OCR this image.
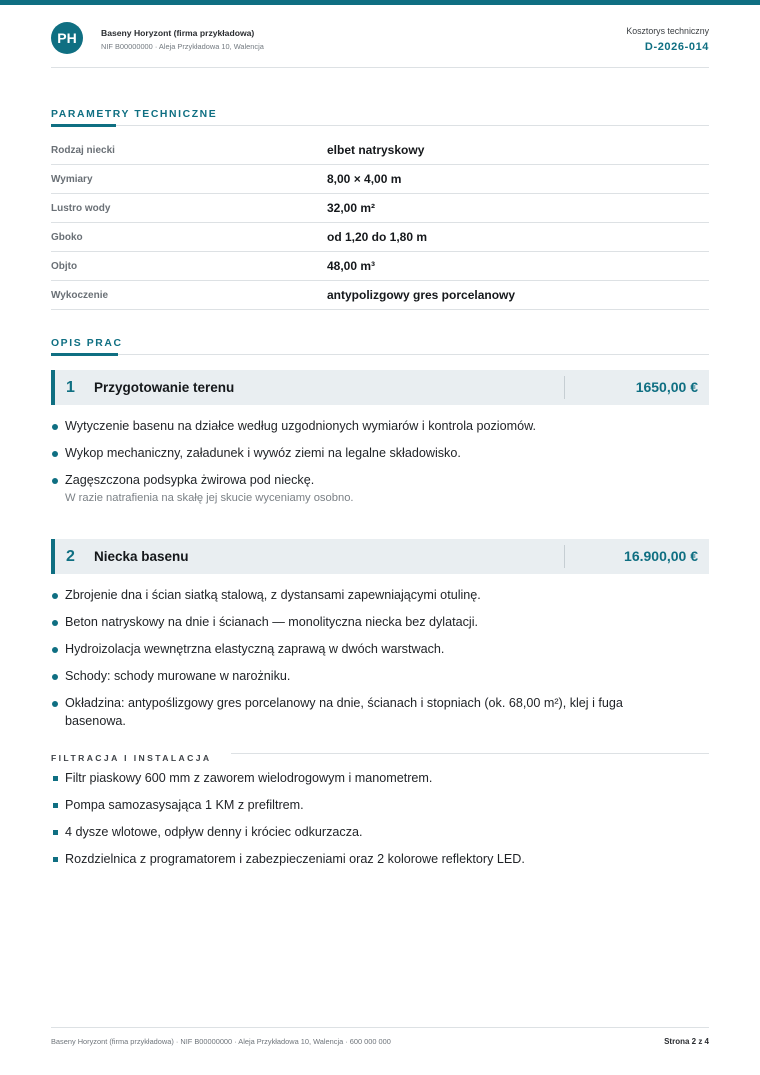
PH	Baseny Horyzont (firma przykładowa)
NIF B00000000 · Aleja Przykładowa 10, Walencja
Kosztorys techniczny
D-2026-014
PARAMETRY TECHNICZNE
Rodzaj niecki	elbet natryskowy
Wymiary	8,00 × 4,00 m
Lustro wody	32,00 m²
Gboko	od 1,20 do 1,80 m
Objto	48,00 m³
Wykoczenie	antypolizgowy gres porcelanowy
OPIS PRAC
1 Przygotowanie terenu	1650,00 €
Wytyczenie basenu na działce według uzgodnionych wymiarów i kontrola poziomów.
Wykop mechaniczny, załadunek i wywóz ziemi na legalne składowisko.
Zagęszczona podsypka żwirowa pod nieckę.
W razie natrafienia na skałę jej skucie wyceniamy osobno.
2 Niecka basenu	16.900,00 €
Zbrojenie dna i ścian siatką stalową, z dystansami zapewniającymi otulinę.
Beton natryskowy na dnie i ścianach — monolityczna niecka bez dylatacji.
Hydroizolacja wewnętrzna elastyczną zaprawą w dwóch warstwach.
Schody: schody murowane w narożniku.
Okładzina: antypoślizgowy gres porcelanowy na dnie, ścianach i stopniach (ok. 68,00 m²), klej i fuga basenowa.
FILTRACJA I INSTALACJA
Filtr piaskowy 600 mm z zaworem wielodrogowym i manometrem.
Pompa samozasysająca 1 KM z prefiltrem.
4 dysze wlotowe, odpływ denny i króciec odkurzacza.
Rozdzielnica z programatorem i zabezpieczeniami oraz 2 kolorowe reflektory LED.
Baseny Horyzont (firma przykładowa) · NIF B00000000 · Aleja Przykładowa 10, Walencja · 600 000 000	Strona 2 z 4
